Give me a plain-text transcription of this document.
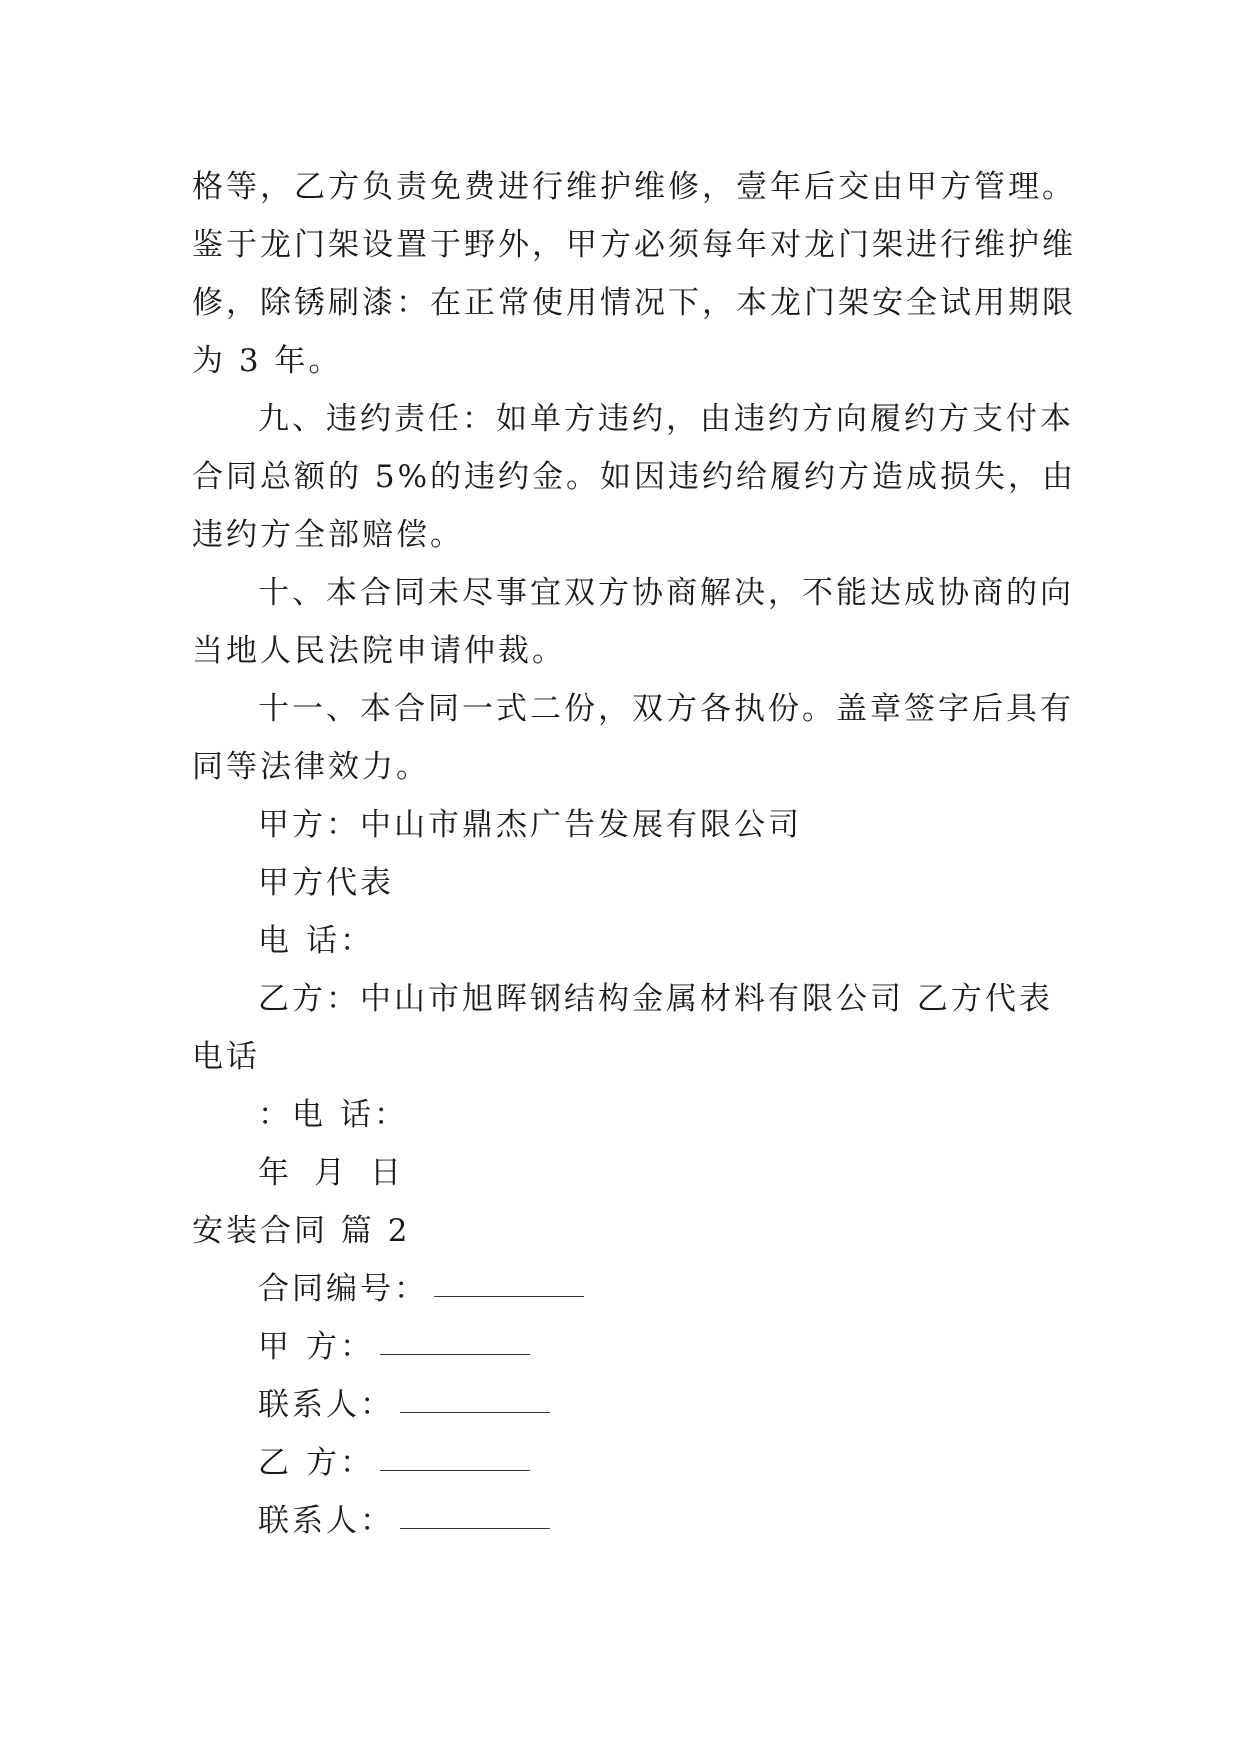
格等，乙方负责免费进行维护维修，壹年后交由甲方管理。
鉴于龙门架设置于野外，甲方必须每年对龙门架进行维护维
修，除锈刷漆：在正常使用情况下，本龙门架安全试用期限
为 3 年。
九、违约责任：如单方违约，由违约方向履约方支付本
合同总额的 5%的违约金。如因违约给履约方造成损失，由
违约方全部赔偿。
十、本合同未尽事宜双方协商解决，不能达成协商的向
当地人民法院申请仲裁。
十一、本合同一式二份，双方各执份。盖章签字后具有
同等法律效力。
甲方：中山市鼎杰广告发展有限公司
甲方代表
电 话：
乙方：中山市旭晖钢结构金属材料有限公司 乙方代表
电话
：电 话：
年 月 日
安装合同 篇 2
合同编号：
甲 方：
联系人：
乙 方：
联系人：
